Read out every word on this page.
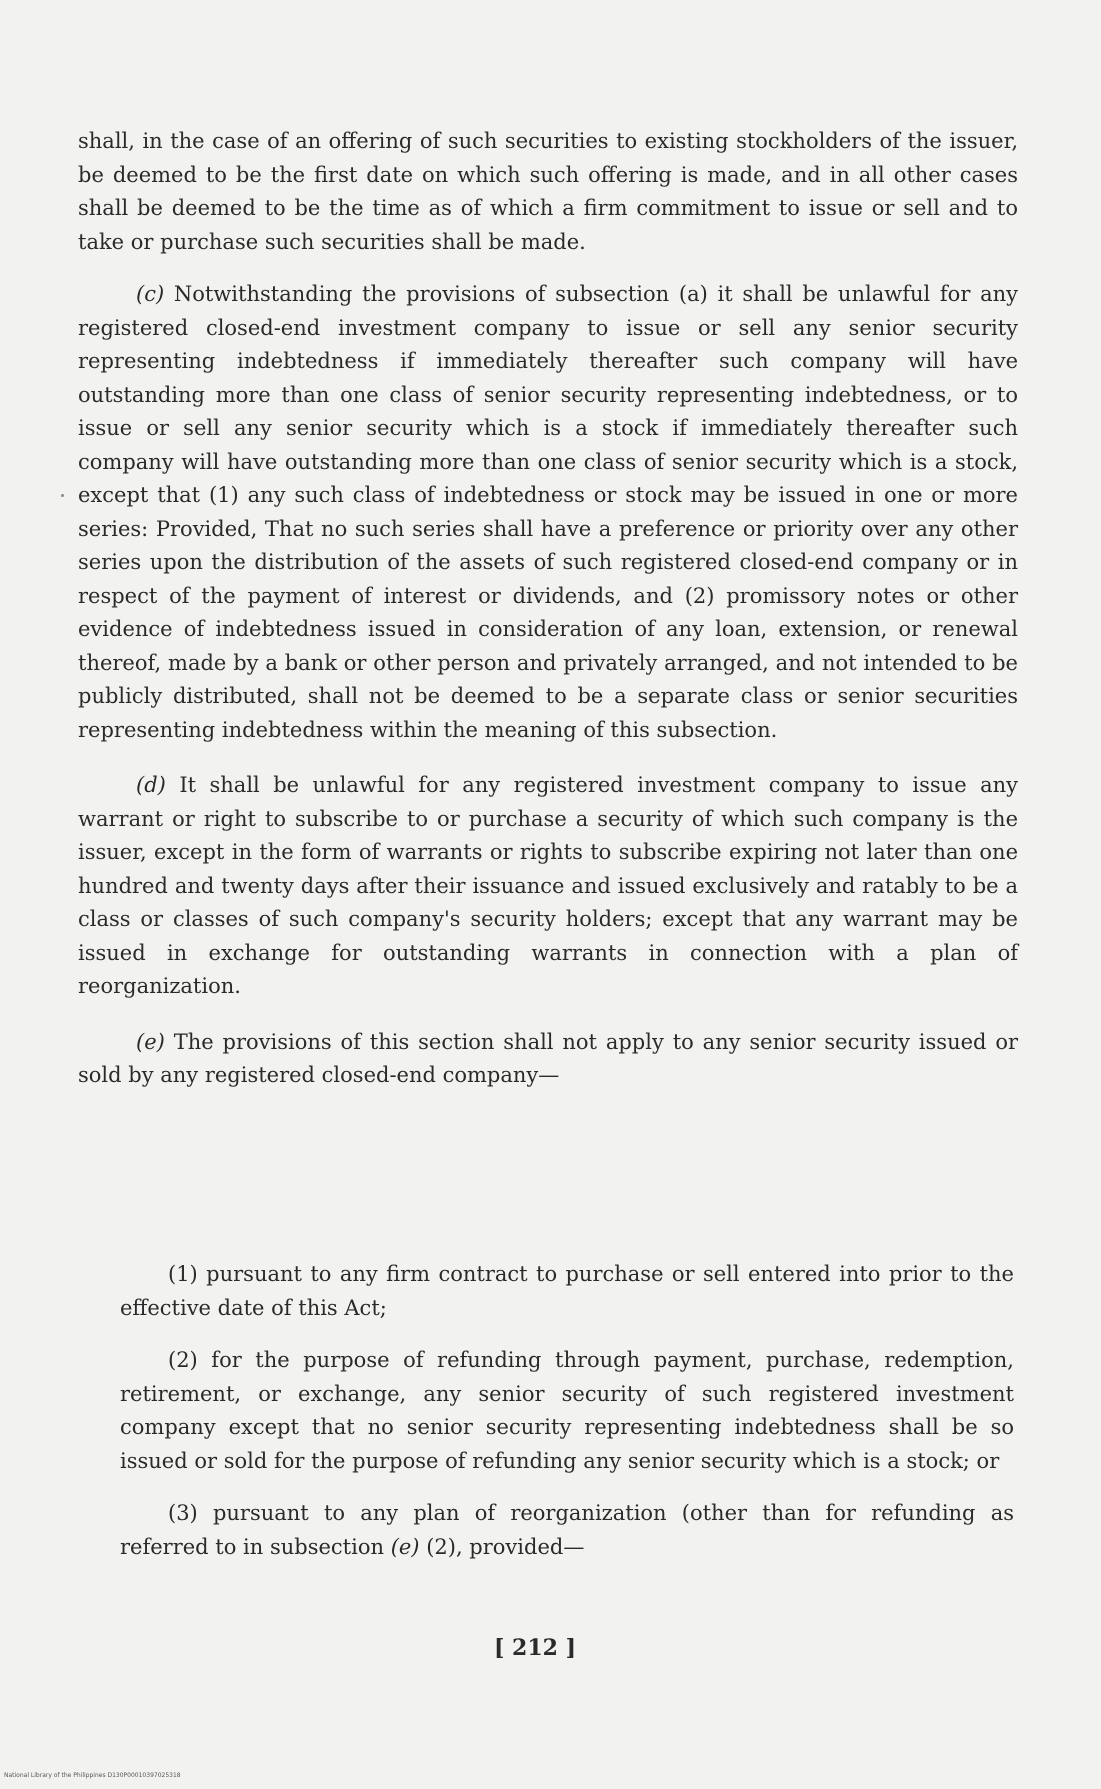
shall, in the case of an offering of such securities to existing stockholders of the issuer, be deemed to be the first date on which such offering is made, and in all other cases shall be deemed to be the time as of which a firm commitment to issue or sell and to take or purchase such securities shall be made.

(c) Notwithstanding the provisions of subsection (a) it shall be unlawful for any registered closed-end investment company to issue or sell any senior security representing indebtedness if immediately thereafter such company will have outstanding more than one class of senior security representing indebtedness, or to issue or sell any senior security which is a stock if immediately thereafter such company will have outstanding more than one class of senior security which is a stock, except that (1) any such class of indebtedness or stock may be issued in one or more series: Provided, That no such series shall have a preference or priority over any other series upon the distribution of the assets of such registered closed-end company or in respect of the payment of interest or dividends, and (2) promissory notes or other evidence of indebtedness issued in consideration of any loan, extension, or renewal thereof, made by a bank or other person and privately arranged, and not intended to be publicly distributed, shall not be deemed to be a separate class or senior securities representing indebtedness within the meaning of this subsection.

(d) It shall be unlawful for any registered investment company to issue any warrant or right to subscribe to or purchase a security of which such company is the issuer, except in the form of warrants or rights to subscribe expiring not later than one hundred and twenty days after their issuance and issued exclusively and ratably to be a class or classes of such company's security holders; except that any warrant may be issued in exchange for outstanding warrants in connection with a plan of reorganization.

(e) The provisions of this section shall not apply to any senior security issued or sold by any registered closed-end company—

(1) pursuant to any firm contract to purchase or sell entered into prior to the effective date of this Act;

(2) for the purpose of refunding through payment, purchase, redemption, retirement, or exchange, any senior security of such registered investment company except that no senior security representing indebtedness shall be so issued or sold for the purpose of refunding any senior security which is a stock; or

(3) pursuant to any plan of reorganization (other than for refunding as referred to in subsection (e) (2), provided—

[ 212 ]
National Library of the Philippines D130P00010397025318
